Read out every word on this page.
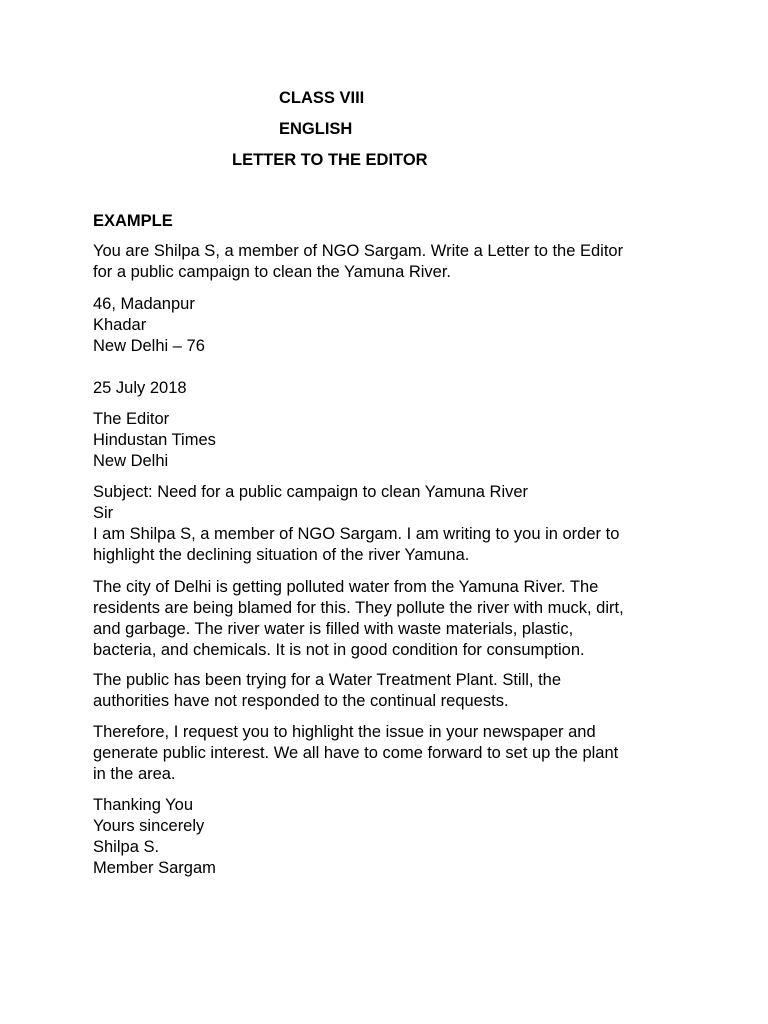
CLASS VIII
ENGLISH
LETTER TO THE EDITOR
EXAMPLE
You are Shilpa S, a member of NGO Sargam. Write a Letter to the Editor
for a public campaign to clean the Yamuna River.
46, Madanpur
Khadar
New Delhi – 76
25 July 2018
The Editor
Hindustan Times
New Delhi
Subject: Need for a public campaign to clean Yamuna River
Sir
I am Shilpa S, a member of NGO Sargam. I am writing to you in order to
highlight the declining situation of the river Yamuna.
The city of Delhi is getting polluted water from the Yamuna River. The
residents are being blamed for this. They pollute the river with muck, dirt,
and garbage. The river water is filled with waste materials, plastic,
bacteria, and chemicals. It is not in good condition for consumption.
The public has been trying for a Water Treatment Plant. Still, the
authorities have not responded to the continual requests.
Therefore, I request you to highlight the issue in your newspaper and
generate public interest. We all have to come forward to set up the plant
in the area.
Thanking You
Yours sincerely
Shilpa S.
Member Sargam
